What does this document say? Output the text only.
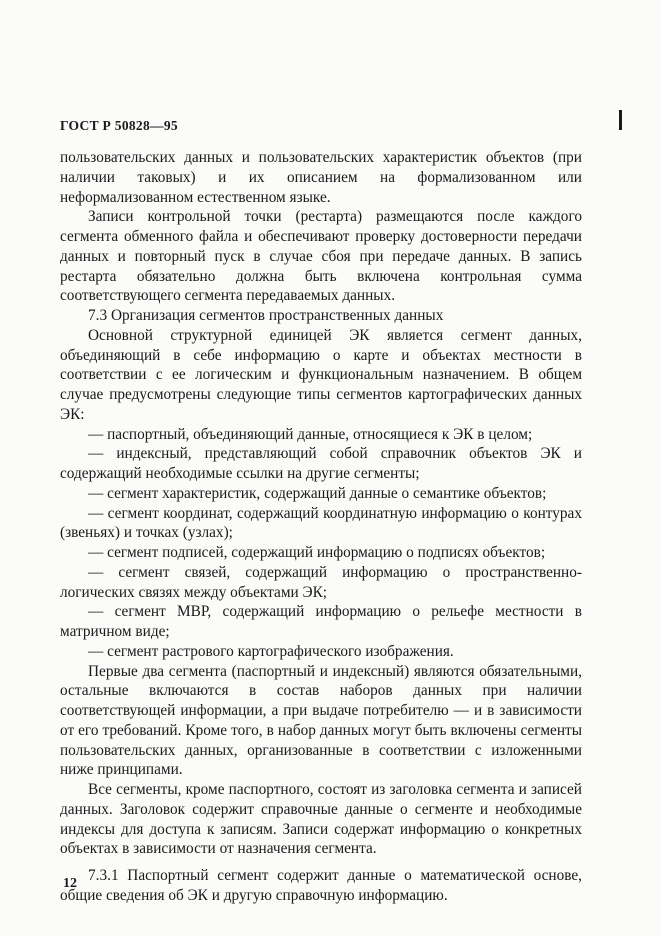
ГОСТ Р 50828—95

пользовательских данных и пользовательских характеристик объектов (при наличии таковых) и их описанием на формализованном или неформализованном естественном языке.

Записи контрольной точки (рестарта) размещаются после каждого сегмента обменного файла и обеспечивают проверку достоверности передачи данных и повторный пуск в случае сбоя при передаче данных. В запись рестарта обязательно должна быть включена контрольная сумма соответствующего сегмента передаваемых данных.

7.3 Организация сегментов пространственных данных

Основной структурной единицей ЭК является сегмент данных, объединяющий в себе информацию о карте и объектах местности в соответствии с ее логическим и функциональным назначением. В общем случае предусмотрены следующие типы сегментов картографических данных ЭК:

— паспортный, объединяющий данные, относящиеся к ЭК в целом;

— индексный, представляющий собой справочник объектов ЭК и содержащий необходимые ссылки на другие сегменты;

— сегмент характеристик, содержащий данные о семантике объектов;

— сегмент координат, содержащий координатную информацию о контурах (звеньях) и точках (узлах);

— сегмент подписей, содержащий информацию о подписях объектов;

— сегмент связей, содержащий информацию о пространственно-логических связях между объектами ЭК;

— сегмент МВР, содержащий информацию о рельефе местности в матричном виде;

— сегмент растрового картографического изображения.

Первые два сегмента (паспортный и индексный) являются обязательными, остальные включаются в состав наборов данных при наличии соответствующей информации, а при выдаче потребителю — и в зависимости от его требований. Кроме того, в набор данных могут быть включены сегменты пользовательских данных, организованные в соответствии с изложенными ниже принципами.

Все сегменты, кроме паспортного, состоят из заголовка сегмента и записей данных. Заголовок содержит справочные данные о сегменте и необходимые индексы для доступа к записям. Записи содержат информацию о конкретных объектах в зависимости от назначения сегмента.

7.3.1 Паспортный сегмент содержит данные о математической основе, общие сведения об ЭК и другую справочную информацию.

12
